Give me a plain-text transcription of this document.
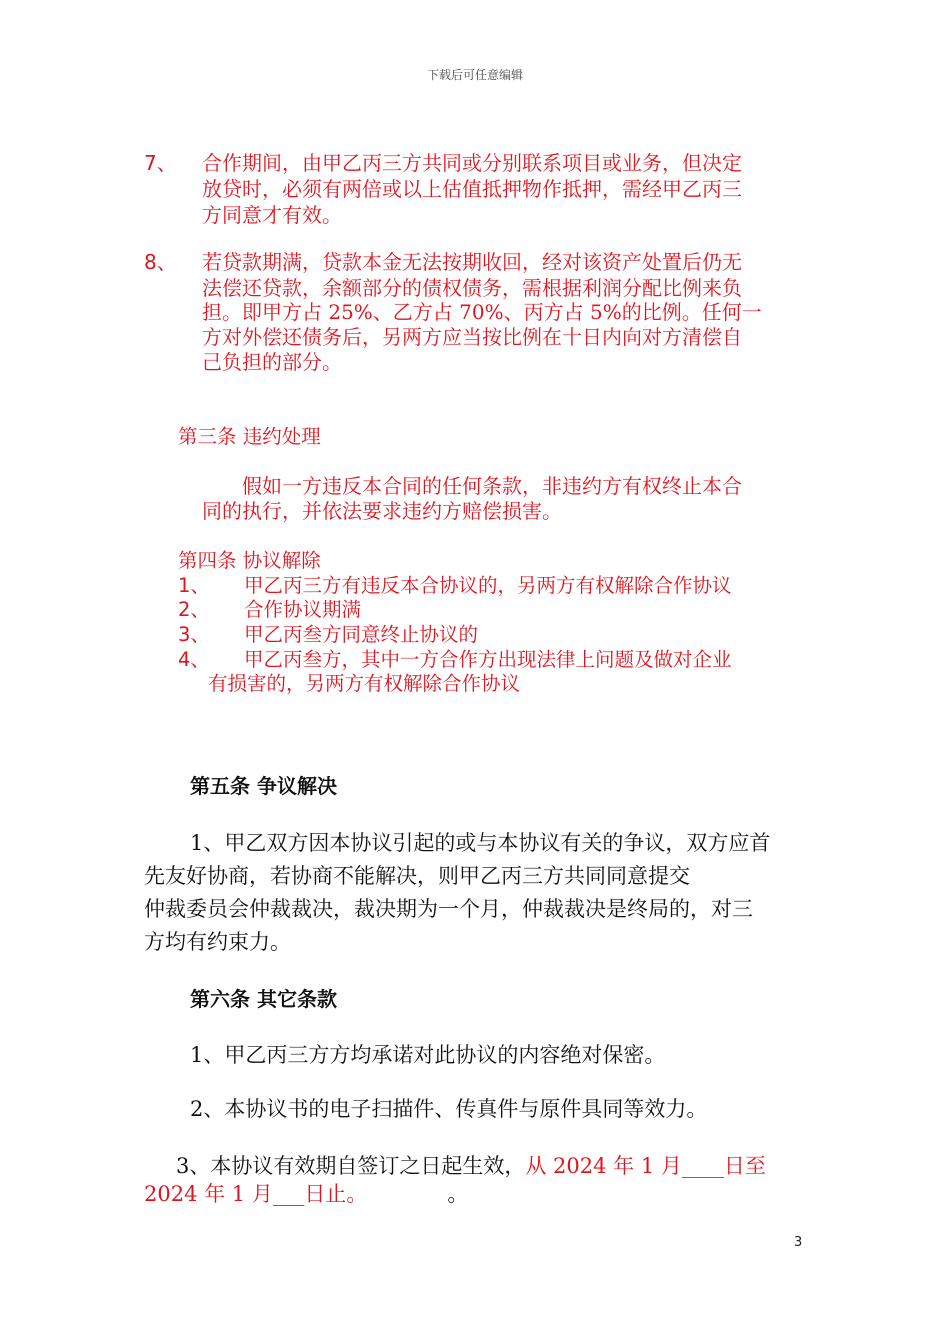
下载后可任意编辑
7、 合作期间，由甲乙丙三方共同或分别联系项目或业务，但决定
放贷时，必须有两倍或以上估值抵押物作抵押，需经甲乙丙三
方同意才有效。
8、 若贷款期满，贷款本金无法按期收回，经对该资产处置后仍无
法偿还贷款，余额部分的债权债务，需根据利润分配比例来负
担。即甲方占 25%、乙方占 70%、丙方占 5%的比例。任何一
方对外偿还债务后，另两方应当按比例在十日内向对方清偿自
己负担的部分。
第三条 违约处理
假如一方违反本合同的任何条款，非违约方有权终止本合
同的执行，并依法要求违约方赔偿损害。
第四条 协议解除
1、 甲乙丙三方有违反本合协议的，另两方有权解除合作协议
2、 合作协议期满
3、 甲乙丙叁方同意终止协议的
4、 甲乙丙叁方，其中一方合作方出现法律上问题及做对企业
有损害的，另两方有权解除合作协议
第五条 争议解决
1、甲乙双方因本协议引起的或与本协议有关的争议，双方应首
先友好协商，若协商不能解决，则甲乙丙三方共同同意提交
仲裁委员会仲裁裁决，裁决期为一个月，仲裁裁决是终局的，对三
方均有约束力。
第六条 其它条款
1、甲乙丙三方方均承诺对此协议的内容绝对保密。
2、本协议书的电子扫描件、传真件与原件具同等效力。
3、本协议有效期自签订之日起生效，从 2024 年 1 月____日至
2024 年 1 月___日止。	。
3
